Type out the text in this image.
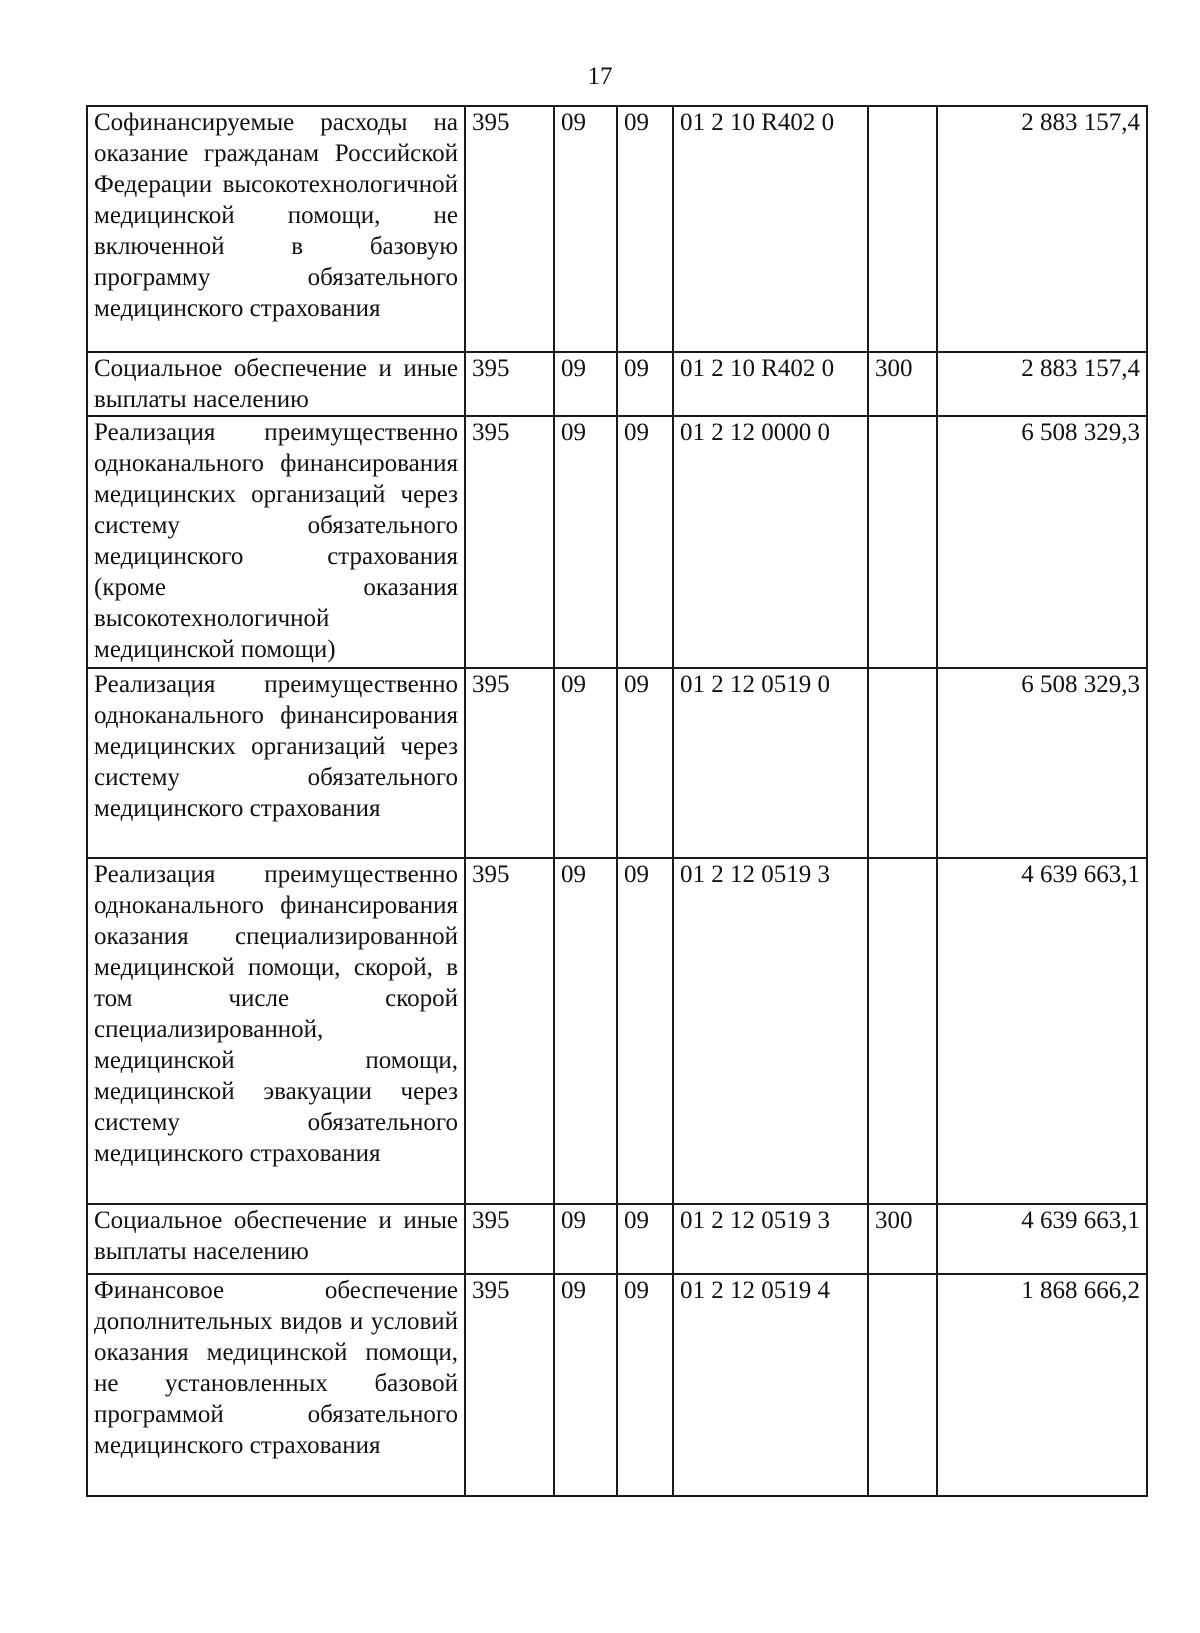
17
Софинансируемые расходы на оказание гражданам Российской Федерации высокотехнологичной медицинской помощи, не включенной в базовую программу обязательного медицинского страхования	395	09	09	01 2 10 R402 0		2 883 157,4
Социальное обеспечение и иные выплаты населению	395	09	09	01 2 10 R402 0	300	2 883 157,4
Реализация преимущественно одноканального финансирования медицинских организаций через систему обязательного медицинского страхования (кроме оказания высокотехнологичной медицинской помощи)	395	09	09	01 2 12 0000 0		6 508 329,3
Реализация преимущественно одноканального финансирования медицинских организаций через систему обязательного медицинского страхования	395	09	09	01 2 12 0519 0		6 508 329,3
Реализация преимущественно одноканального финансирования оказания специализированной медицинской помощи, скорой, в том числе скорой специализированной, медицинской помощи, медицинской эвакуации через систему обязательного медицинского страхования	395	09	09	01 2 12 0519 3		4 639 663,1
Социальное обеспечение и иные выплаты населению	395	09	09	01 2 12 0519 3	300	4 639 663,1
Финансовое обеспечение дополнительных видов и условий оказания медицинской помощи, не установленных базовой программой обязательного медицинского страхования	395	09	09	01 2 12 0519 4		1 868 666,2
